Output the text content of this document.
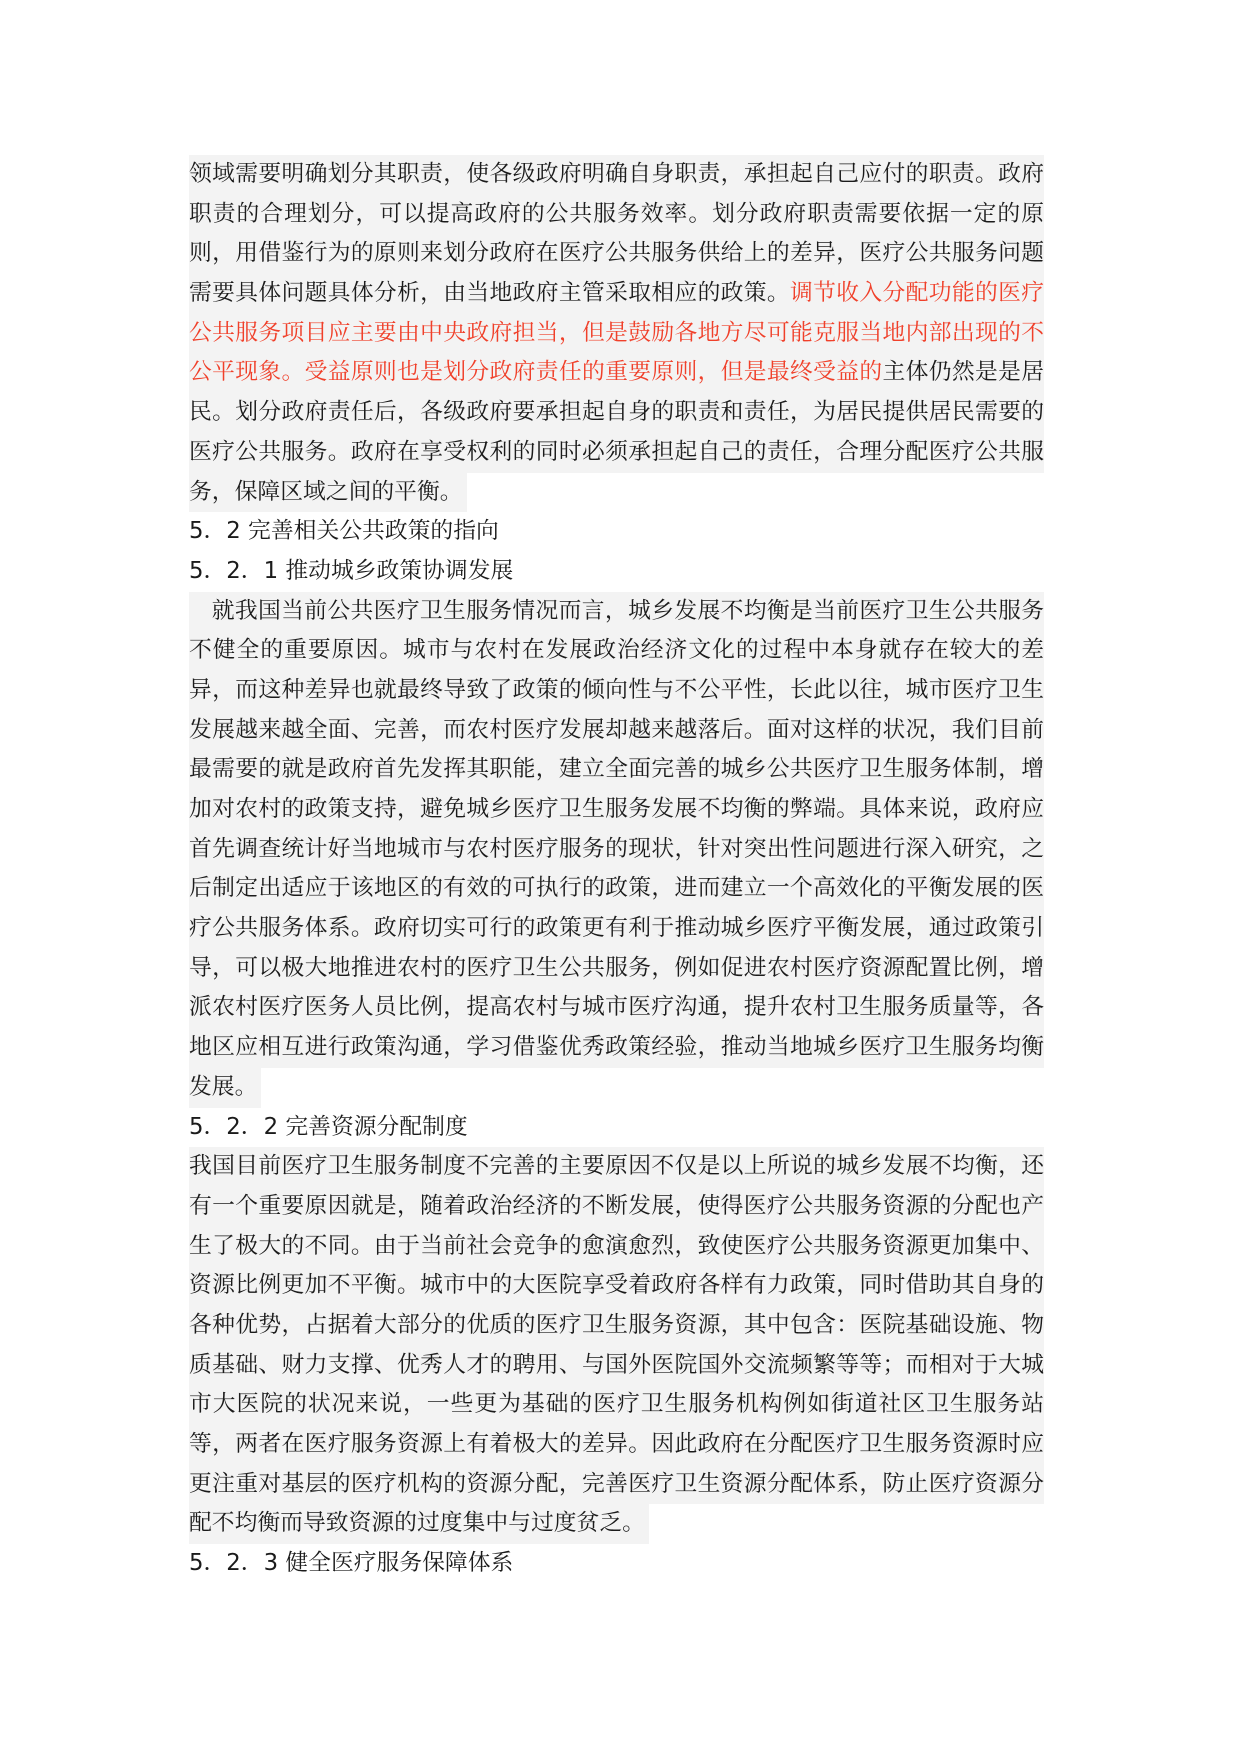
领域需要明确划分其职责，使各级政府明确自身职责，承担起自己应付的职责。政府
职责的合理划分，可以提高政府的公共服务效率。划分政府职责需要依据一定的原
则，用借鉴行为的原则来划分政府在医疗公共服务供给上的差异，医疗公共服务问题
需要具体问题具体分析，由当地政府主管采取相应的政策。调节收入分配功能的医疗
公共服务项目应主要由中央政府担当，但是鼓励各地方尽可能克服当地内部出现的不
公平现象。受益原则也是划分政府责任的重要原则，但是最终受益的主体仍然是是居
民。划分政府责任后，各级政府要承担起自身的职责和责任，为居民提供居民需要的
医疗公共服务。政府在享受权利的同时必须承担起自己的责任，合理分配医疗公共服
务，保障区域之间的平衡。
5．2 完善相关公共政策的指向
5．2．1 推动城乡政策协调发展
就我国当前公共医疗卫生服务情况而言，城乡发展不均衡是当前医疗卫生公共服务
不健全的重要原因。城市与农村在发展政治经济文化的过程中本身就存在较大的差
异，而这种差异也就最终导致了政策的倾向性与不公平性，长此以往，城市医疗卫生
发展越来越全面、完善，而农村医疗发展却越来越落后。面对这样的状况，我们目前
最需要的就是政府首先发挥其职能，建立全面完善的城乡公共医疗卫生服务体制，增
加对农村的政策支持，避免城乡医疗卫生服务发展不均衡的弊端。具体来说，政府应
首先调查统计好当地城市与农村医疗服务的现状，针对突出性问题进行深入研究，之
后制定出适应于该地区的有效的可执行的政策，进而建立一个高效化的平衡发展的医
疗公共服务体系。政府切实可行的政策更有利于推动城乡医疗平衡发展，通过政策引
导，可以极大地推进农村的医疗卫生公共服务，例如促进农村医疗资源配置比例，增
派农村医疗医务人员比例，提高农村与城市医疗沟通，提升农村卫生服务质量等，各
地区应相互进行政策沟通，学习借鉴优秀政策经验，推动当地城乡医疗卫生服务均衡
发展。
5．2．2 完善资源分配制度
我国目前医疗卫生服务制度不完善的主要原因不仅是以上所说的城乡发展不均衡，还
有一个重要原因就是，随着政治经济的不断发展，使得医疗公共服务资源的分配也产
生了极大的不同。由于当前社会竞争的愈演愈烈，致使医疗公共服务资源更加集中、
资源比例更加不平衡。城市中的大医院享受着政府各样有力政策，同时借助其自身的
各种优势，占据着大部分的优质的医疗卫生服务资源，其中包含：医院基础设施、物
质基础、财力支撑、优秀人才的聘用、与国外医院国外交流频繁等等；而相对于大城
市大医院的状况来说，一些更为基础的医疗卫生服务机构例如街道社区卫生服务站
等，两者在医疗服务资源上有着极大的差异。因此政府在分配医疗卫生服务资源时应
更注重对基层的医疗机构的资源分配，完善医疗卫生资源分配体系，防止医疗资源分
配不均衡而导致资源的过度集中与过度贫乏。
5．2．3 健全医疗服务保障体系
